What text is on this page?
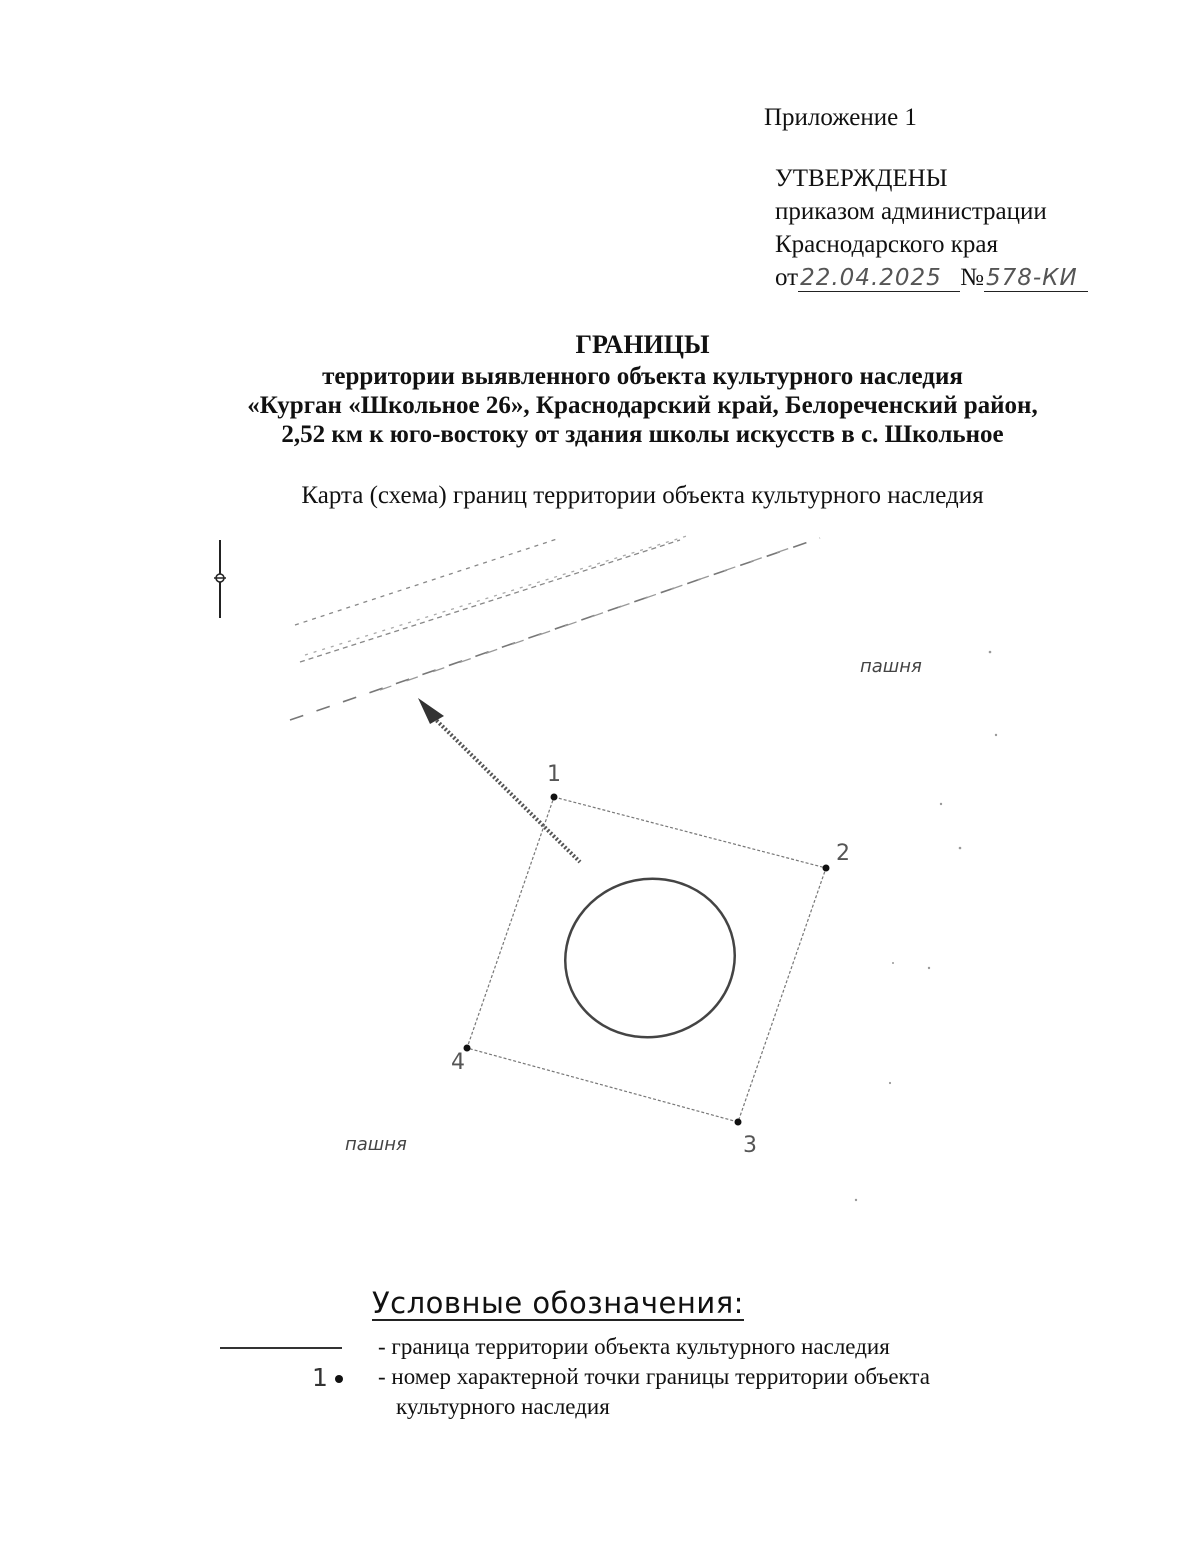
Приложение 1
УТВЕРЖДЕНЫ
приказом администрации
Краснодарского края
от22.04.2025 №578-КИ
ГРАНИЦЫ
территории выявленного объекта культурного наследия
«Курган «Школьное 26», Краснодарский край, Белореченский район,
2,52 км к юго-востоку от здания школы искусств в с. Школьное
Карта (схема) границ территории объекта культурного наследия
1
2
3
4
пашня
пашня
Условные обозначения:
- граница территории объекта культурного наследия
1 - номер характерной точки границы территории объекта
культурного наследия
